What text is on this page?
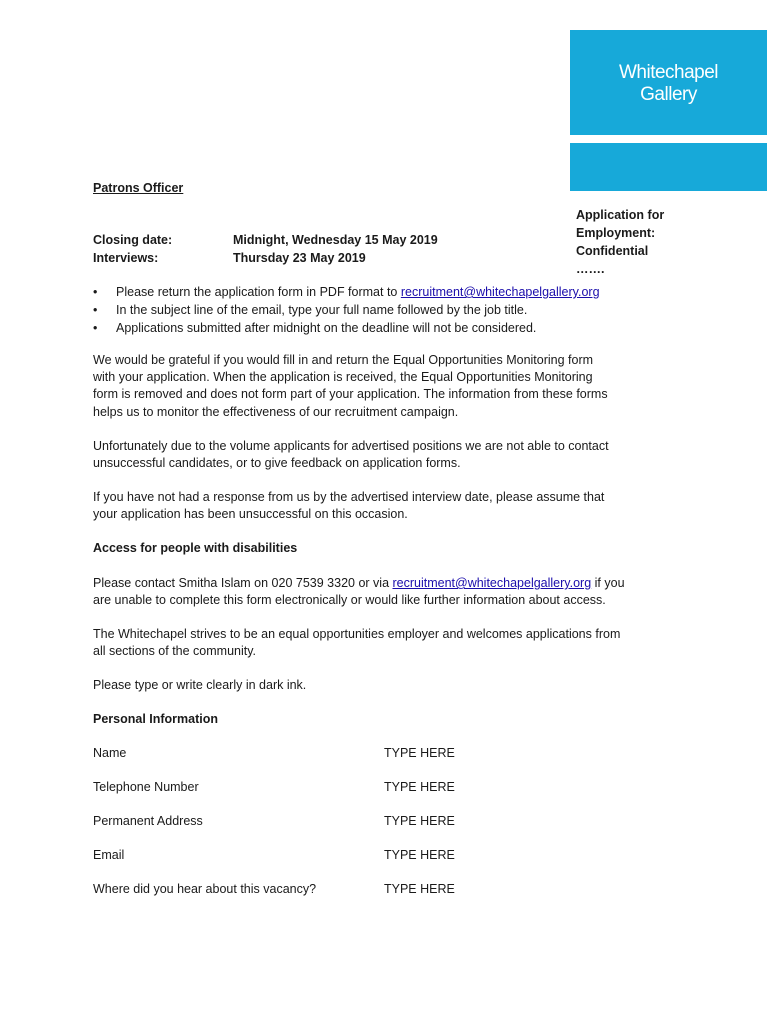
Whitechapel
Gallery
Patrons Officer
Application for
Employment:
Confidential
…….
Closing date:	Midnight, Wednesday 15 May 2019
Interviews:	Thursday 23 May 2019
• Please return the application form in PDF format to recruitment@whitechapelgallery.org
• In the subject line of the email, type your full name followed by the job title.
• Applications submitted after midnight on the deadline will not be considered.
We would be grateful if you would fill in and return the Equal Opportunities Monitoring form
with your application. When the application is received, the Equal Opportunities Monitoring
form is removed and does not form part of your application. The information from these forms
helps us to monitor the effectiveness of our recruitment campaign.
Unfortunately due to the volume applicants for advertised positions we are not able to contact
unsuccessful candidates, or to give feedback on application forms.
If you have not had a response from us by the advertised interview date, please assume that
your application has been unsuccessful on this occasion.
Access for people with disabilities
Please contact Smitha Islam on 020 7539 3320 or via recruitment@whitechapelgallery.org if you
are unable to complete this form electronically or would like further information about access.
The Whitechapel strives to be an equal opportunities employer and welcomes applications from
all sections of the community.
Please type or write clearly in dark ink.
Personal Information
Name	TYPE HERE
Telephone Number	TYPE HERE
Permanent Address	TYPE HERE
Email	TYPE HERE
Where did you hear about this vacancy?	TYPE HERE
